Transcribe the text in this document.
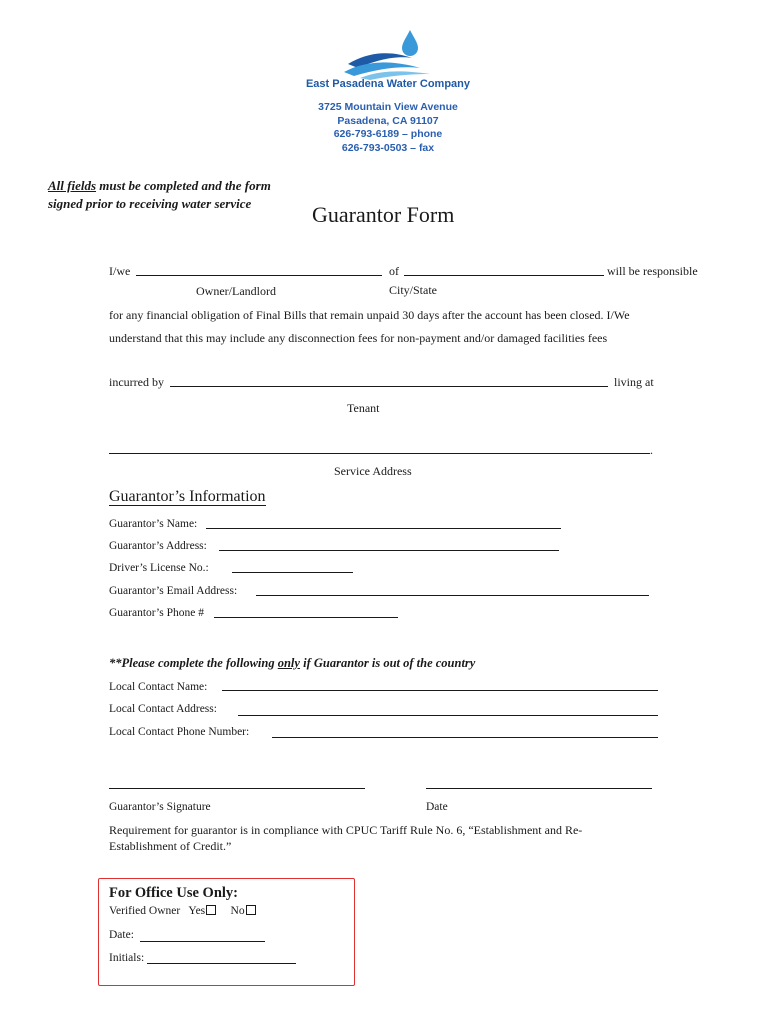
East Pasadena Water Company
3725 Mountain View Avenue
Pasadena, CA 91107
626-793-6189 – phone
626-793-0503 – fax
All fields must be completed and the form
signed prior to receiving water service	Guarantor Form
I/we	of	will be responsible
Owner/Landlord	City/State
for any financial obligation of Final Bills that remain unpaid 30 days after the account has been closed. I/We
understand that this may include any disconnection fees for non-payment and/or damaged facilities fees
incurred by	living at
Tenant
.
Service Address
Guarantor’s Information
Guarantor’s Name:
Guarantor’s Address:
Driver’s License No.:
Guarantor’s Email Address:
Guarantor’s Phone #
**Please complete the following only if Guarantor is out of the country
Local Contact Name:
Local Contact Address:
Local Contact Phone Number:
Guarantor’s Signature	Date
Requirement for guarantor is in compliance with CPUC Tariff Rule No. 6, “Establishment and Re-
Establishment of Credit.”
For Office Use Only:
Verified Owner Yes No
Date:
Initials:
